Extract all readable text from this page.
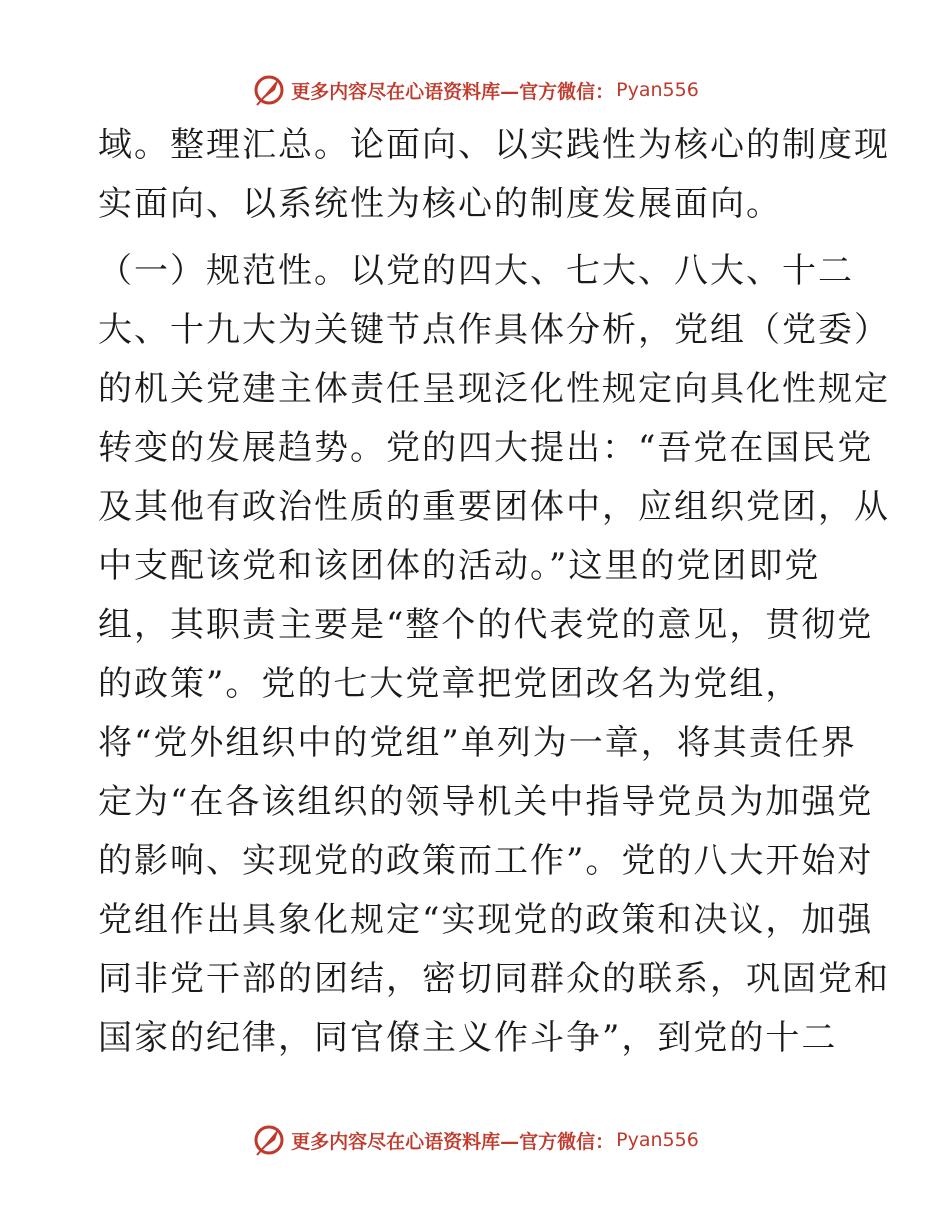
更多内容尽在心语资料库—官方微信： Pyan556
域。整理汇总。论面向、以实践性为核心的制度现
实面向、以系统性为核心的制度发展面向。
（一）规范性。以党的四大、七大、八大、十二
大、十九大为关键节点作具体分析，党组（党委）
的机关党建主体责任呈现泛化性规定向具化性规定
转变的发展趋势。党的四大提出：“吾党在国民党
及其他有政治性质的重要团体中，应组织党团，从
中支配该党和该团体的活动。”这里的党团即党
组，其职责主要是“整个的代表党的意见，贯彻党
的政策”。党的七大党章把党团改名为党组，
将“党外组织中的党组”单列为一章，将其责任界
定为“在各该组织的领导机关中指导党员为加强党
的影响、实现党的政策而工作”。党的八大开始对
党组作出具象化规定“实现党的政策和决议，加强
同非党干部的团结，密切同群众的联系，巩固党和
国家的纪律，同官僚主义作斗争”，到党的十二
更多内容尽在心语资料库—官方微信： Pyan556
